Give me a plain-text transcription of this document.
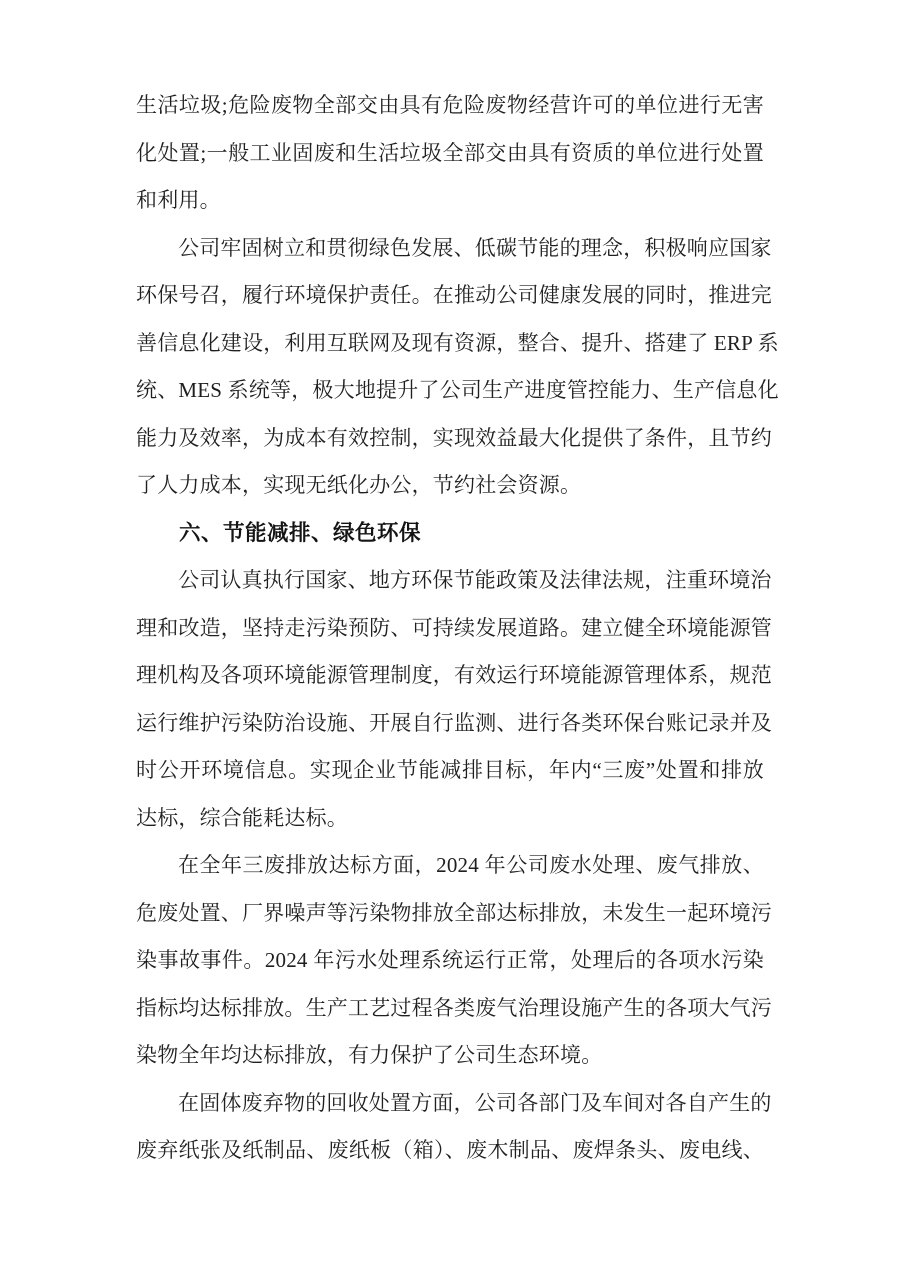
生活垃圾;危险废物全部交由具有危险废物经营许可的单位进行无害
化处置;一般工业固废和生活垃圾全部交由具有资质的单位进行处置
和利用。
公司牢固树立和贯彻绿色发展、低碳节能的理念，积极响应国家
环保号召，履行环境保护责任。在推动公司健康发展的同时，推进完
善信息化建设，利用互联网及现有资源，整合、提升、搭建了 ERP 系
统、MES 系统等，极大地提升了公司生产进度管控能力、生产信息化
能力及效率，为成本有效控制，实现效益最大化提供了条件，且节约
了人力成本，实现无纸化办公，节约社会资源。
六、节能减排、绿色环保
公司认真执行国家、地方环保节能政策及法律法规，注重环境治
理和改造，坚持走污染预防、可持续发展道路。建立健全环境能源管
理机构及各项环境能源管理制度，有效运行环境能源管理体系，规范
运行维护污染防治设施、开展自行监测、进行各类环保台账记录并及
时公开环境信息。实现企业节能减排目标，年内“三废”处置和排放
达标，综合能耗达标。
在全年三废排放达标方面，2024 年公司废水处理、废气排放、
危废处置、厂界噪声等污染物排放全部达标排放，未发生一起环境污
染事故事件。2024 年污水处理系统运行正常，处理后的各项水污染
指标均达标排放。生产工艺过程各类废气治理设施产生的各项大气污
染物全年均达标排放，有力保护了公司生态环境。
在固体废弃物的回收处置方面，公司各部门及车间对各自产生的
废弃纸张及纸制品、废纸板（箱）、废木制品、废焊条头、废电线、
